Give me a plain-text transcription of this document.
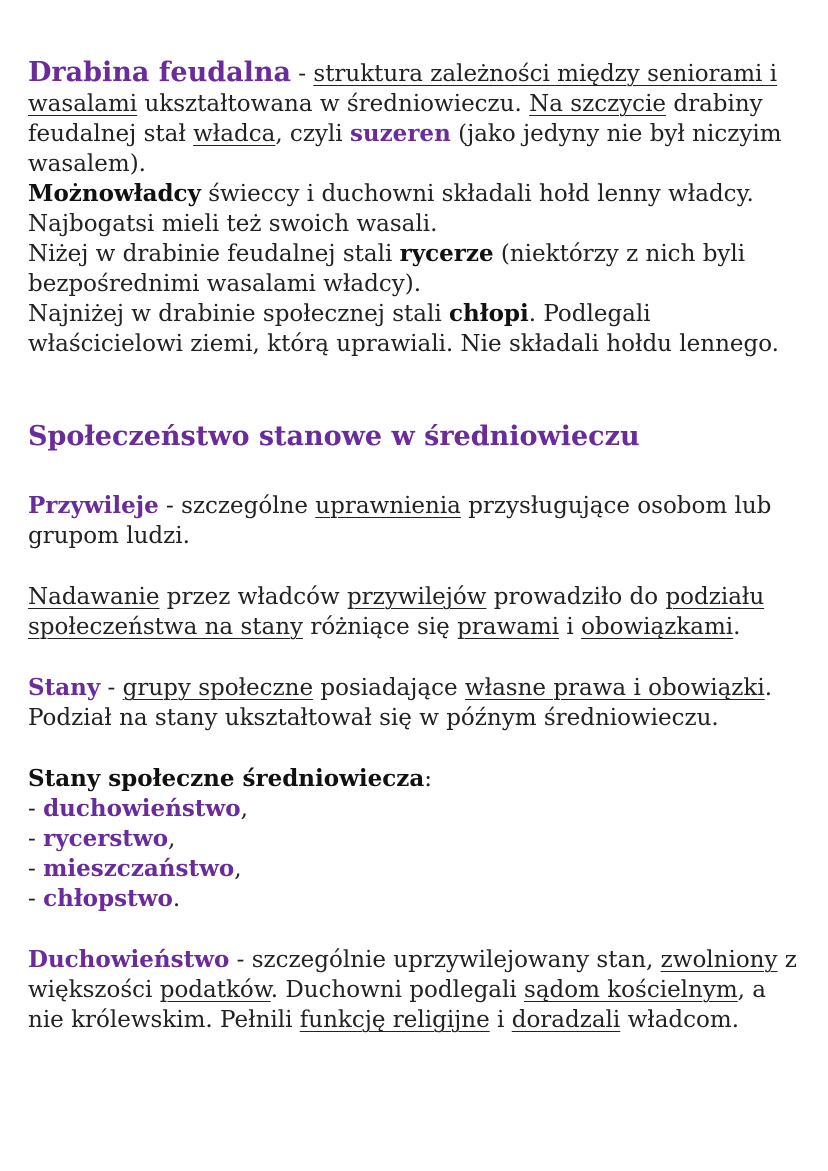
Drabina feudalna - struktura zależności między seniorami i wasalami ukształtowana w średniowieczu. Na szczycie drabiny feudalnej stał władca, czyli suzeren (jako jedyny nie był niczyim wasalem).

Możnowładcy świeccy i duchowni składali hołd lenny władcy. Najbogatsi mieli też swoich wasali.

Niżej w drabinie feudalnej stali rycerze (niektórzy z nich byli bezpośrednimi wasalami władcy).

Najniżej w drabinie społecznej stali chłopi. Podlegali właścicielowi ziemi, którą uprawiali. Nie składali hołdu lennego.

Społeczeństwo stanowe w średniowieczu

Przywileje - szczególne uprawnienia przysługujące osobom lub grupom ludzi.

Nadawanie przez władców przywilejów prowadziło do podziału społeczeństwa na stany różniące się prawami i obowiązkami.

Stany - grupy społeczne posiadające własne prawa i obowiązki. Podział na stany ukształtował się w późnym średniowieczu.

Stany społeczne średniowiecza:

- duchowieństwo,

- rycerstwo,

- mieszczaństwo,

- chłopstwo.

Duchowieństwo - szczególnie uprzywilejowany stan, zwolniony z większości podatków. Duchowni podlegali sądom kościelnym, a nie królewskim. Pełnili funkcję religijne i doradzali władcom.
